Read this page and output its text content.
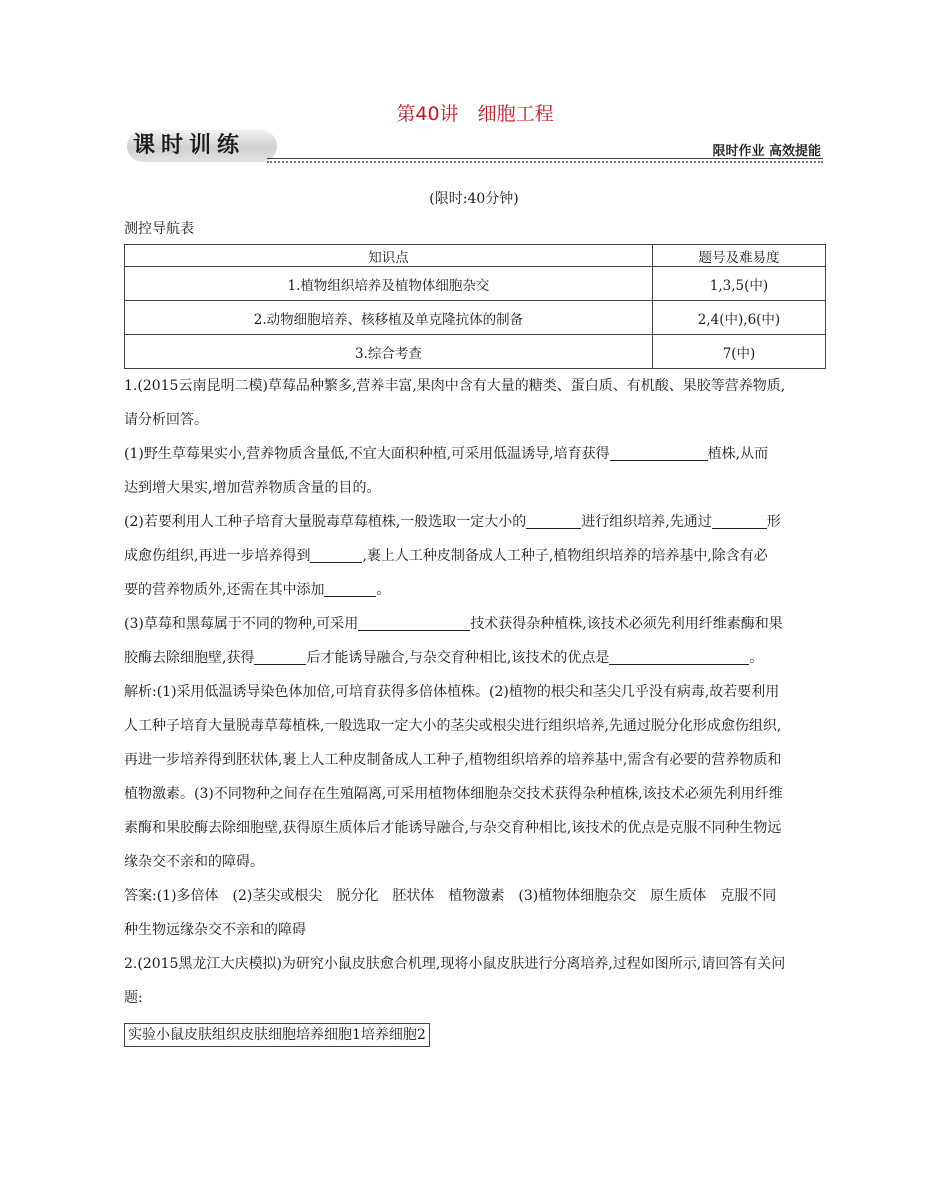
第40讲　细胞工程
课时训练	限时作业 高效提能
(限时:40分钟)
测控导航表
知识点	题号及难易度
1.植物组织培养及植物体细胞杂交	1,3,5(中)
2.动物细胞培养、核移植及单克隆抗体的制备	2,4(中),6(中)
3.综合考查	7(中)

1.(2015云南昆明二模)草莓品种繁多,营养丰富,果肉中含有大量的糖类、蛋白质、有机酸、果胶等营养物质,

请分析回答。

(1)野生草莓果实小,营养物质含量低,不宜大面积种植,可采用低温诱导,培育获得	植株,从而

达到增大果实,增加营养物质含量的目的。

(2)若要利用人工种子培育大量脱毒草莓植株,一般选取一定大小的	进行组织培养,先通过	形

成愈伤组织,再进一步培养得到	,裹上人工种皮制备成人工种子,植物组织培养的培养基中,除含有必

要的营养物质外,还需在其中添加	。

(3)草莓和黑莓属于不同的物种,可采用	技术获得杂种植株,该技术必须先利用纤维素酶和果

胶酶去除细胞壁,获得	后才能诱导融合,与杂交育种相比,该技术的优点是	。

解析:(1)采用低温诱导染色体加倍,可培育获得多倍体植株。(2)植物的根尖和茎尖几乎没有病毒,故若要利用

人工种子培育大量脱毒草莓植株,一般选取一定大小的茎尖或根尖进行组织培养,先通过脱分化形成愈伤组织,

再进一步培养得到胚状体,裹上人工种皮制备成人工种子,植物组织培养的培养基中,需含有必要的营养物质和

植物激素。(3)不同物种之间存在生殖隔离,可采用植物体细胞杂交技术获得杂种植株,该技术必须先利用纤维

素酶和果胶酶去除细胞壁,获得原生质体后才能诱导融合,与杂交育种相比,该技术的优点是克服不同种生物远

缘杂交不亲和的障碍。

答案:(1)多倍体　(2)茎尖或根尖　脱分化　胚状体　植物激素　(3)植物体细胞杂交　原生质体　克服不同

种生物远缘杂交不亲和的障碍

2.(2015黑龙江大庆模拟)为研究小鼠皮肤愈合机理,现将小鼠皮肤进行分离培养,过程如图所示,请回答有关问

题:

实验小鼠皮肤组织皮肤细胞培养细胞1培养细胞2
